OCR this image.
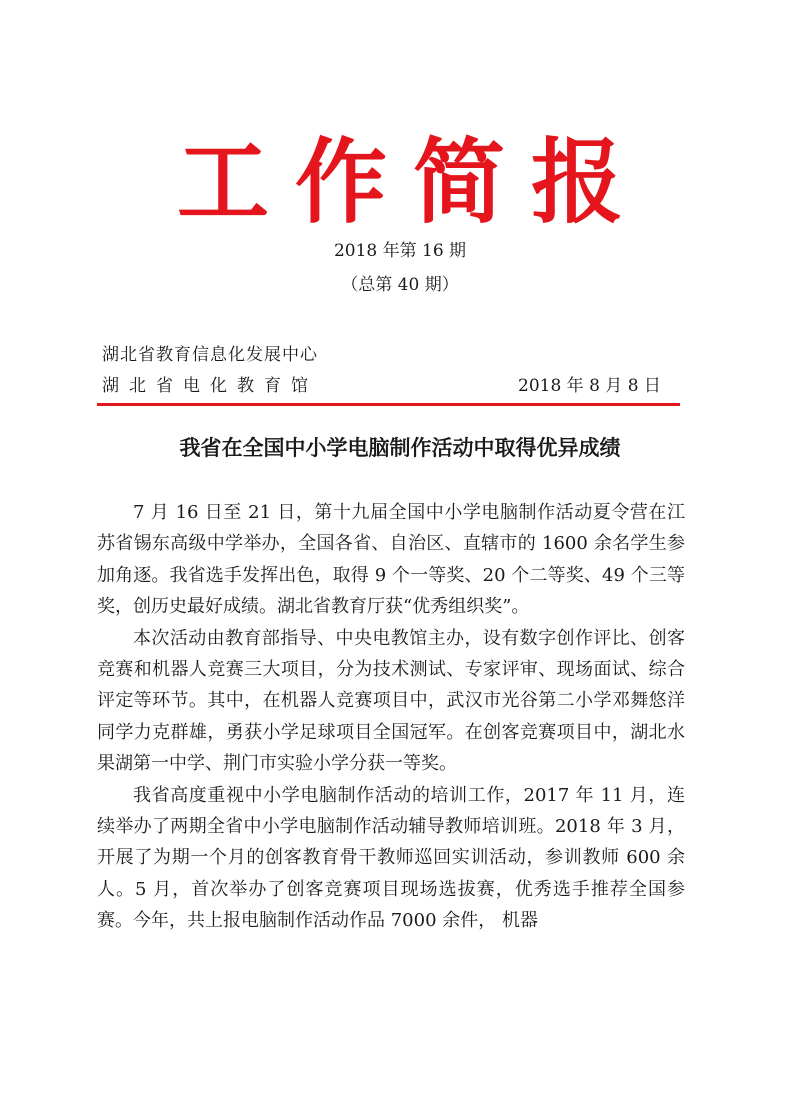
工作简报
2018 年第 16 期
（总第 40 期）
湖北省教育信息化发展中心
湖北省电化教育馆	2018 年 8 月 8 日
我省在全国中小学电脑制作活动中取得优异成绩

7 月 16 日至 21 日，第十九届全国中小学电脑制作活动夏令营在江苏省锡东高级中学举办，全国各省、自治区、直辖市的 1600 余名学生参加角逐。我省选手发挥出色，取得 9 个一等奖、20 个二等奖、49 个三等奖，创历史最好成绩。湖北省教育厅获“优秀组织奖”。

本次活动由教育部指导、中央电教馆主办，设有数字创作评比、创客竞赛和机器人竞赛三大项目，分为技术测试、专家评审、现场面试、综合评定等环节。其中，在机器人竞赛项目中，武汉市光谷第二小学邓舞悠洋同学力克群雄，勇获小学足球项目全国冠军。在创客竞赛项目中，湖北水果湖第一中学、荆门市实验小学分获一等奖。

我省高度重视中小学电脑制作活动的培训工作，2017 年 11 月，连续举办了两期全省中小学电脑制作活动辅导教师培训班。2018 年 3 月，开展了为期一个月的创客教育骨干教师巡回实训活动，参训教师 600 余人。5 月，首次举办了创客竞赛项目现场选拔赛，优秀选手推荐全国参赛。今年，共上报电脑制作活动作品 7000 余件， 机器
